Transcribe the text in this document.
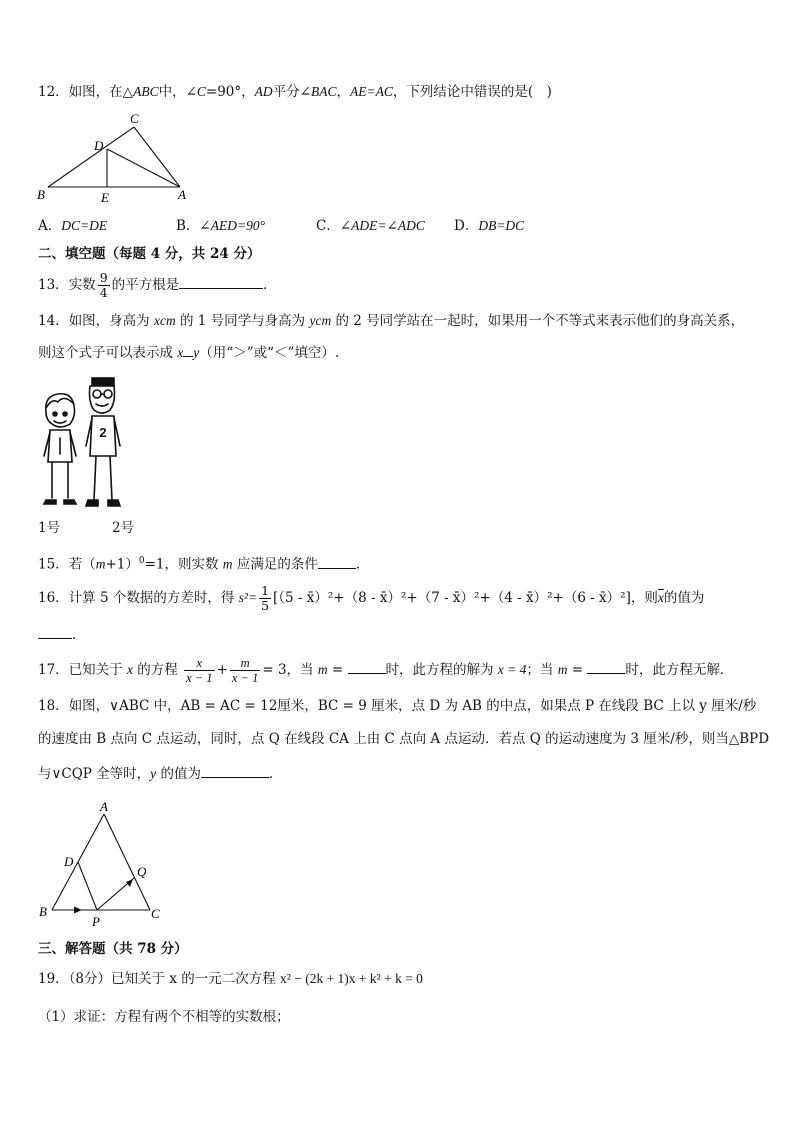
12．如图，在△ABC中，∠C=90°，AD平分∠BAC，AE=AC，下列结论中错误的是(　)
C
D
B	E	A
A．DC=DE	B．∠AED=90°	C．∠ADE=∠ADC D．DB=DC
二、填空题（每题 4 分，共 24 分）
13．实数 $\frac{9}{4}$ 的平方根是	．
14．如图，身高为 xcm 的 1 号同学与身高为 ycm 的 2 号同学站在一起时，如果用一个不等式来表示他们的身高关系，
则这个式子可以表示成 x y（用“＞”或“＜”填空）.
2
1号	2号
15．若$(m+1)^0=1$，则实数 m 应满足的条件	．
16．计算 5 个数据的方差时，得 $s^2= \frac{1}{5} [(5$ - x̄）²+（8 - x̄）²+（7 - x̄）²+（4 - x̄）²+（6 - x̄）²]，则$\overline{x}$的值为
．
17．已知关于 x 的方程 $\frac{x}{x - 1} + \frac{m}{x - 1} = 3$，当 m =	时，此方程的解为 x = 4；当 m =	时，此方程无解．
18．如图，∨ABC 中，AB = AC = 12厘米，BC = 9 厘米，点 D 为 AB 的中点，如果点 P 在线段 BC 上以 y 厘米/秒
的速度由 B 点向 C 点运动，同时，点 Q 在线段 CA 上由 C 点向 A 点运动．若点 Q 的运动速度为 3 厘米/秒，则当△BPD
与∨CQP 全等时，y 的值为	．
A
D
Q
B
P
C
三、解答题（共 78 分）
19．（8分）已知关于 x 的一元二次方程 x² − (2k + 1)x + k² + k = 0
（1）求证：方程有两个不相等的实数根；
